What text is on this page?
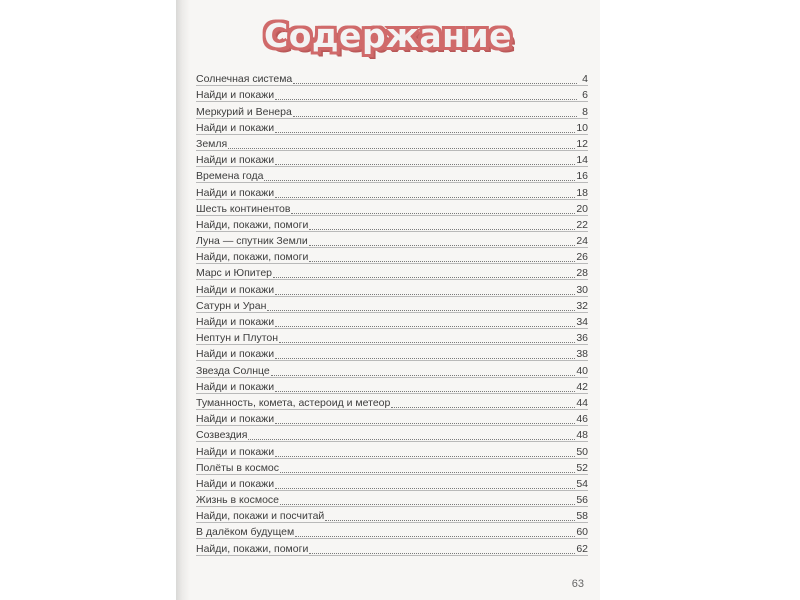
Содержание
Солнечная система	4
Найди и покажи	6
Меркурий и Венера	8
Найди и покажи	10
Земля	12
Найди и покажи	14
Времена года	16
Найди и покажи	18
Шесть континентов	20
Найди, покажи, помоги	22
Луна — спутник Земли	24
Найди, покажи, помоги	26
Марс и Юпитер	28
Найди и покажи	30
Сатурн и Уран	32
Найди и покажи	34
Нептун и Плутон	36
Найди и покажи	38
Звезда Солнце	40
Найди и покажи	42
Туманность, комета, астероид и метеор	44
Найди и покажи	46
Созвездия	48
Найди и покажи	50
Полёты в космос	52
Найди и покажи	54
Жизнь в космосе	56
Найди, покажи и посчитай	58
В далёком будущем	60
Найди, покажи, помоги	62
63
